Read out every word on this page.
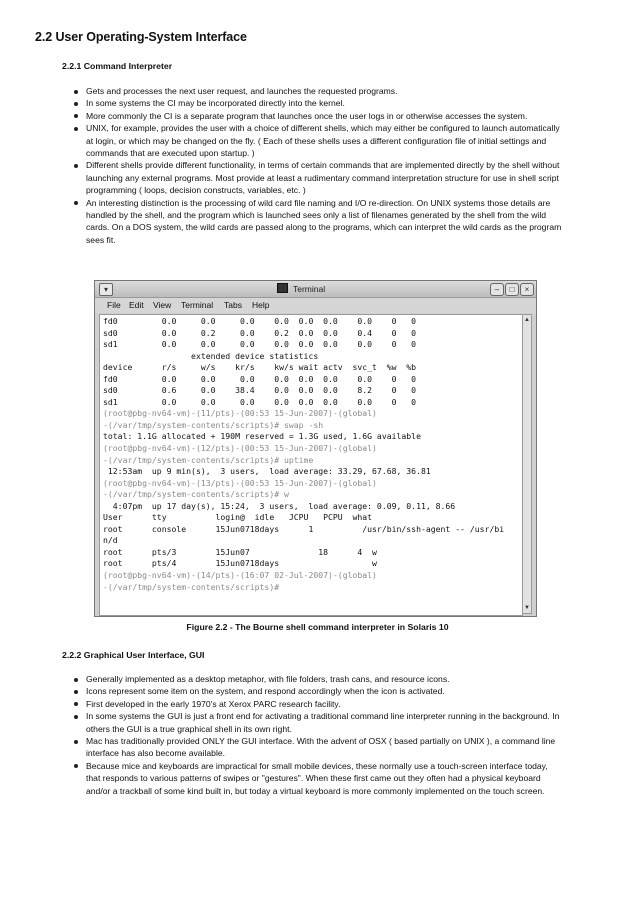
2.2 User Operating-System Interface
2.2.1 Command Interpreter
Gets and processes the next user request, and launches the requested programs.
In some systems the CI may be incorporated directly into the kernel.
More commonly the CI is a separate program that launches once the user logs in or otherwise accesses the system.
UNIX, for example, provides the user with a choice of different shells, which may either be configured to launch automatically at login, or which may be changed on the fly. ( Each of these shells uses a different configuration file of initial settings and commands that are executed upon startup. )
Different shells provide different functionality, in terms of certain commands that are implemented directly by the shell without launching any external programs. Most provide at least a rudimentary command interpretation structure for use in shell script programming ( loops, decision constructs, variables, etc. )
An interesting distinction is the processing of wild card file naming and I/O re-direction. On UNIX systems those details are handled by the shell, and the program which is launched sees only a list of filenames generated by the shell from the wild cards. On a DOS system, the wild cards are passed along to the programs, which can interpret the wild cards as the program sees fit.
▾	Terminal	–	□	×
File Edit View Terminal Tabs Help
fd0         0.0     0.0     0.0    0.0  0.0  0.0    0.0    0   0
sd0         0.0     0.2     0.0    0.2  0.0  0.0    0.4    0   0
sd1         0.0     0.0     0.0    0.0  0.0  0.0    0.0    0   0
extended device statistics
device      r/s     w/s    kr/s    kw/s wait actv  svc_t  %w  %b
fd0         0.0     0.0     0.0    0.0  0.0  0.0    0.0    0   0
sd0         0.6     0.0    38.4    0.0  0.0  0.0    8.2    0   0
sd1         0.0     0.0     0.0    0.0  0.0  0.0    0.0    0   0
(root@pbg-nv64-vm)-(11/pts)-(00:53 15-Jun-2007)-(global)
-(/var/tmp/system-contents/scripts)# swap -sh
total: 1.1G allocated + 190M reserved = 1.3G used, 1.6G available
(root@pbg-nv64-vm)-(12/pts)-(00:53 15-Jun-2007)-(global)
-(/var/tmp/system-contents/scripts)# uptime
12:53am  up 9 min(s),  3 users,  load average: 33.29, 67.68, 36.81
(root@pbg-nv64-vm)-(13/pts)-(00:53 15-Jun-2007)-(global)
-(/var/tmp/system-contents/scripts)# w
4:07pm  up 17 day(s), 15:24,  3 users,  load average: 0.09, 0.11, 8.66
User      tty          login@  idle   JCPU   PCPU  what
root      console      15Jun0718days      1          /usr/bin/ssh-agent -- /usr/bi
n/d
root      pts/3        15Jun07              18      4  w
root      pts/4        15Jun0718days                   w
(root@pbg-nv64-vm)-(14/pts)-(16:07 02-Jul-2007)-(global)
-(/var/tmp/system-contents/scripts)#
▲
▼
Figure 2.2 - The Bourne shell command interpreter in Solaris 10
2.2.2 Graphical User Interface, GUI
Generally implemented as a desktop metaphor, with file folders, trash cans, and resource icons.
Icons represent some item on the system, and respond accordingly when the icon is activated.
First developed in the early 1970's at Xerox PARC research facility.
In some systems the GUI is just a front end for activating a traditional command line interpreter running in the background. In others the GUI is a true graphical shell in its own right.
Mac has traditionally provided ONLY the GUI interface. With the advent of OSX ( based partially on UNIX ), a command line interface has also become available.
Because mice and keyboards are impractical for small mobile devices, these normally use a touch-screen interface today, that responds to various patterns of swipes or "gestures". When these first came out they often had a physical keyboard and/or a trackball of some kind built in, but today a virtual keyboard is more commonly implemented on the touch screen.
